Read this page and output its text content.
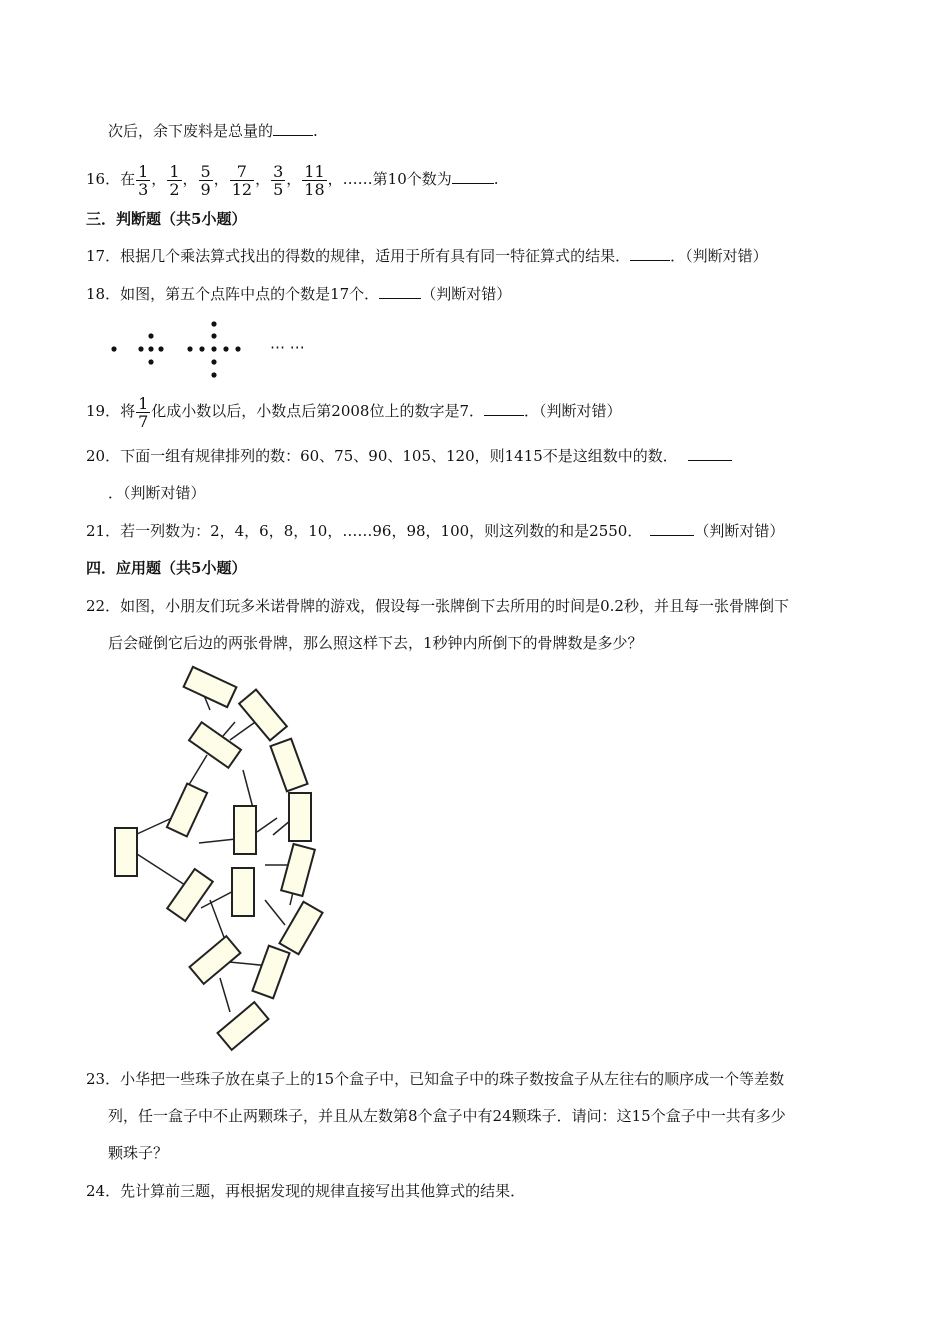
次后，余下废料是总量的	.
16．在 $\frac{1}{3}$ ， $\frac{1}{2}$ ， $\frac{5}{9}$ ， $\frac{7}{12}$ ， $\frac{3}{5}$ ， $\frac{11}{18}$ ，……第10个数为	.
三．判断题（共5小题）
17．根据几个乘法算式找出的得数的规律，适用于所有具有同一特征算式的结果．	．（判断对错）
18．如图，第五个点阵中点的个数是17个．	（判断对错）
⋯ ⋯
19．将 $\frac{1}{7}$ 化成小数以后，小数点后第2008位上的数字是7．	．（判断对错）
20．下面一组有规律排列的数：60、75、90、105、120，则1415不是这组数中的数．
．（判断对错）
21．若一列数为：2，4，6，8，10，……96，98，100，则这列数的和是2550．	（判断对错）
四．应用题（共5小题）
22．如图，小朋友们玩多米诺骨牌的游戏，假设每一张牌倒下去所用的时间是0.2秒，并且每一张骨牌倒下
后会碰倒它后边的两张骨牌，那么照这样下去，1秒钟内所倒下的骨牌数是多少？
23．小华把一些珠子放在桌子上的15个盒子中，已知盒子中的珠子数按盒子从左往右的顺序成一个等差数
列，任一盒子中不止两颗珠子，并且从左数第8个盒子中有24颗珠子．请问：这15个盒子中一共有多少
颗珠子？
24．先计算前三题，再根据发现的规律直接写出其他算式的结果．
